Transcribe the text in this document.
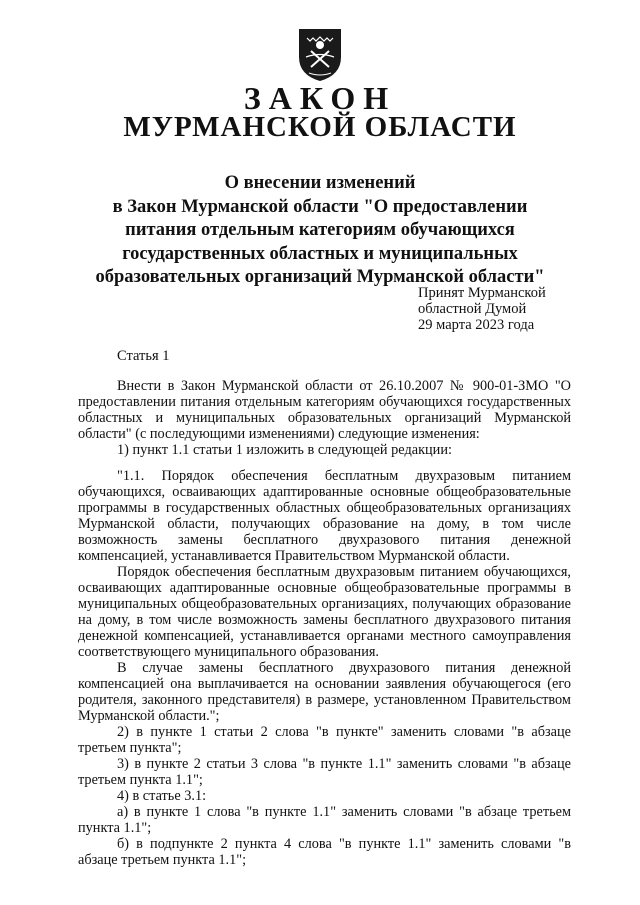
ЗАКОН
МУРМАНСКОЙ ОБЛАСТИ
О внесении изменений
в Закон Мурманской области "О предоставлении
питания отдельным категориям обучающихся
государственных областных и муниципальных
образовательных организаций Мурманской области"
Принят Мурманской
областной Думой
29 марта 2023 года
Статья 1

Внести в Закон Мурманской области от 26.10.2007 № 900-01-ЗМО "О предоставлении питания отдельным категориям обучающихся государственных областных и муниципальных образовательных организаций Мурманской области" (с последующими изменениями) следующие изменения:

1) пункт 1.1 статьи 1 изложить в следующей редакции:

"1.1. Порядок обеспечения бесплатным двухразовым питанием обучающихся, осваивающих адаптированные основные общеобразовательные программы в государственных областных общеобразовательных организациях Мурманской области, получающих образование на дому, в том числе возможность замены бесплатного двухразового питания денежной компенсацией, устанавливается Правительством Мурманской области.

Порядок обеспечения бесплатным двухразовым питанием обучающихся, осваивающих адаптированные основные общеобразовательные программы в муниципальных общеобразовательных организациях, получающих образование на дому, в том числе возможность замены бесплатного двухразового питания денежной компенсацией, устанавливается органами местного самоуправления соответствующего муниципального образования.

В случае замены бесплатного двухразового питания денежной компенсацией она выплачивается на основании заявления обучающегося (его родителя, законного представителя) в размере, установленном Правительством Мурманской области.";

2) в пункте 1 статьи 2 слова "в пункте" заменить словами "в абзаце третьем пункта";

3) в пункте 2 статьи 3 слова "в пункте 1.1" заменить словами "в абзаце третьем пункта 1.1";

4) в статье 3.1:

а) в пункте 1 слова "в пункте 1.1" заменить словами "в абзаце третьем пункта 1.1";

б) в подпункте 2 пункта 4 слова "в пункте 1.1" заменить словами "в абзаце третьем пункта 1.1";
